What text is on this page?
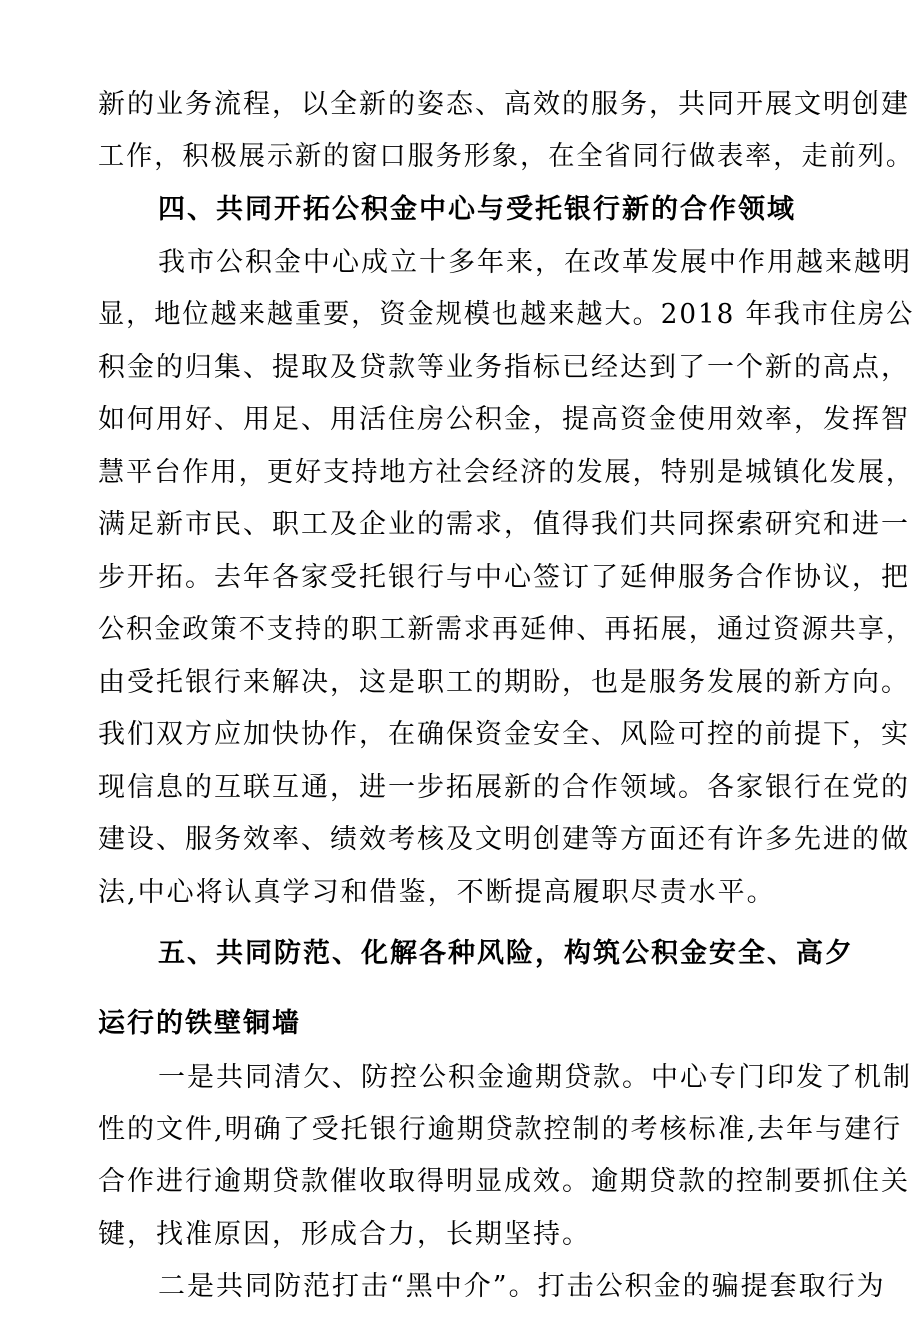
新的业务流程，以全新的姿态、高效的服务，共同开展文明创建

工作，积极展示新的窗口服务形象，在全省同行做表率，走前列。

四、共同开拓公积金中心与受托银行新的合作领域

我市公积金中心成立十多年来，在改革发展中作用越来越明

显，地位越来越重要，资金规模也越来越大。2018 年我市住房公

积金的归集、提取及贷款等业务指标已经达到了一个新的高点，

如何用好、用足、用活住房公积金，提高资金使用效率，发挥智

慧平台作用，更好支持地方社会经济的发展，特别是城镇化发展，

满足新市民、职工及企业的需求，值得我们共同探索研究和进一

步开拓。去年各家受托银行与中心签订了延伸服务合作协议，把

公积金政策不支持的职工新需求再延伸、再拓展，通过资源共享，

由受托银行来解决，这是职工的期盼，也是服务发展的新方向。

我们双方应加快协作，在确保资金安全、风险可控的前提下，实

现信息的互联互通，进一步拓展新的合作领域。各家银行在党的

建设、服务效率、绩效考核及文明创建等方面还有许多先进的做

法,中心将认真学习和借鉴，不断提高履职尽责水平。

五、共同防范、化解各种风险，构筑公积金安全、高夕

运行的铁壁铜墙

一是共同清欠、防控公积金逾期贷款。中心专门印发了机制

性的文件,明确了受托银行逾期贷款控制的考核标准,去年与建行

合作进行逾期贷款催收取得明显成效。逾期贷款的控制要抓住关

键，找准原因，形成合力，长期坚持。

二是共同防范打击“黑中介”。打击公积金的骗提套取行为
